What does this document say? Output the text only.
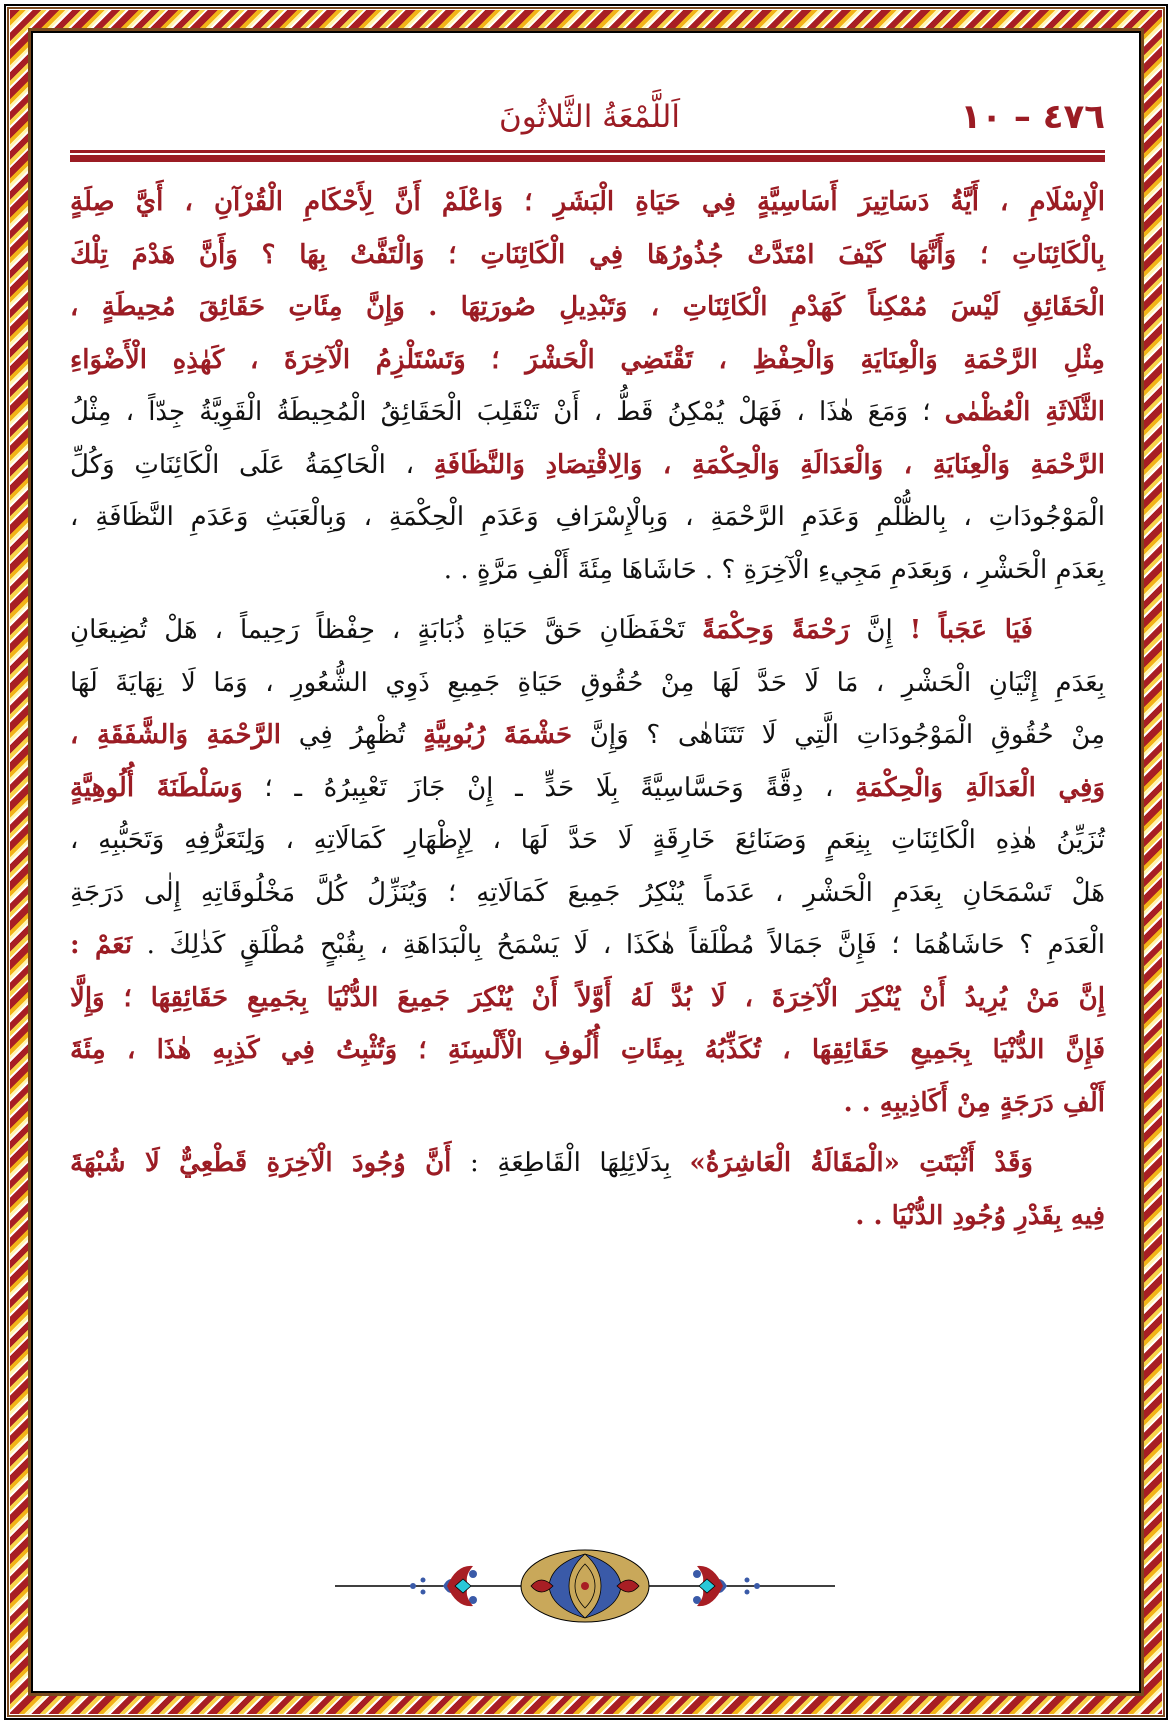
٤٧٦ – ١٠
اَللَّمْعَةُ الثَّلاثُونَ
الْإِسْلَامِ ، أَيَّةُ دَسَاتِيرَ أَسَاسِيَّةٍ فِي حَيَاةِ الْبَشَرِ ؛ وَاعْلَمْ أَنَّ لِأَحْكَامِ الْقُرْآنِ ، أَيَّ صِلَةٍ
بِالْكَائِنَاتِ ؛ وَأَنَّهَا كَيْفَ امْتَدَّتْ جُذُورُهَا فِي الْكَائِنَاتِ ؛ وَالْتَفَّتْ بِهَا ؟ وَأَنَّ هَدْمَ تِلْكَ
الْحَقَائِقِ لَيْسَ مُمْكِناً كَهَدْمِ الْكَائِنَاتِ ، وَتَبْدِيلِ صُورَتِهَا . وَإِنَّ مِئَاتِ حَقَائِقَ مُحِيطَةٍ ،
مِثْلِ الرَّحْمَةِ وَالْعِنَايَةِ وَالْحِفْظِ ، تَقْتَضِي الْحَشْرَ ؛ وَتَسْتَلْزِمُ الْآخِرَةَ ، كَهٰذِهِ الْأَضْوَاءِ
الثَّلَاثَةِ الْعُظْمٰى ؛ وَمَعَ هٰذَا ، فَهَلْ يُمْكِنُ قَطُّ ، أَنْ تَنْقَلِبَ الْحَقَائِقُ الْمُحِيطَةُ الْقَوِيَّةُ جِدّاً ، مِثْلُ
الرَّحْمَةِ وَالْعِنَايَةِ ، وَالْعَدَالَةِ وَالْحِكْمَةِ ، وَالِاقْتِصَادِ وَالنَّظَافَةِ ، الْحَاكِمَةُ عَلَى الْكَائِنَاتِ وَكُلِّ
الْمَوْجُودَاتِ ، بِالظُّلْمِ وَعَدَمِ الرَّحْمَةِ ، وَبِالْإِسْرَافِ وَعَدَمِ الْحِكْمَةِ ، وَبِالْعَبَثِ وَعَدَمِ النَّظَافَةِ ،
بِعَدَمِ الْحَشْرِ ، وَبِعَدَمِ مَجِيءِ الْآخِرَةِ ؟ . حَاشَاهَا مِئَةَ أَلْفِ مَرَّةٍ . .
فَيَا عَجَباً ! إِنَّ رَحْمَةً وَحِكْمَةً تَحْفَظَانِ حَقَّ حَيَاةِ ذُبَابَةٍ ، حِفْظاً رَحِيماً ، هَلْ تُضِيعَانِ
بِعَدَمِ إِتْيَانِ الْحَشْرِ ، مَا لَا حَدَّ لَهَا مِنْ حُقُوقِ حَيَاةِ جَمِيعِ ذَوِي الشُّعُورِ ، وَمَا لَا نِهَايَةَ لَهَا
مِنْ حُقُوقِ الْمَوْجُودَاتِ الَّتِي لَا تَتَنَاهٰى ؟ وَإِنَّ حَشْمَةَ رُبُوبِيَّةٍ تُظْهِرُ فِي الرَّحْمَةِ وَالشَّفَقَةِ ،
وَفِي الْعَدَالَةِ وَالْحِكْمَةِ ، دِقَّةً وَحَسَّاسِيَّةً بِلَا حَدٍّ ـ إِنْ جَازَ تَعْبِيرُهُ ـ ؛ وَسَلْطَنَةَ أُلُوهِيَّةٍ
تُزَيِّنُ هٰذِهِ الْكَائِنَاتِ بِنِعَمٍ وَصَنَائِعَ خَارِقَةٍ لَا حَدَّ لَهَا ، لِإِظْهَارِ كَمَالَاتِهِ ، وَلِتَعَرُّفِهِ وَتَحَبُّبِهِ ،
هَلْ تَسْمَحَانِ بِعَدَمِ الْحَشْرِ ، عَدَماً يُنْكِرُ جَمِيعَ كَمَالَاتِهِ ؛ وَيُنَزِّلُ كُلَّ مَخْلُوقَاتِهِ إِلٰى دَرَجَةِ
الْعَدَمِ ؟ حَاشَاهُمَا ؛ فَإِنَّ جَمَالاً مُطْلَقاً هٰكَذَا ، لَا يَسْمَحُ بِالْبَدَاهَةِ ، بِقُبْحٍ مُطْلَقٍ كَذٰلِكَ . نَعَمْ :
إِنَّ مَنْ يُرِيدُ أَنْ يُنْكِرَ الْآخِرَةَ ، لَا بُدَّ لَهُ أَوَّلاً أَنْ يُنْكِرَ جَمِيعَ الدُّنْيَا بِجَمِيعِ حَقَائِقِهَا ؛ وَإِلَّا
فَإِنَّ الدُّنْيَا بِجَمِيعِ حَقَائِقِهَا ، تُكَذِّبُهُ بِمِئَاتِ أُلُوفِ الْأَلْسِنَةِ ؛ وَتُثْبِتُ فِي كَذِبِهِ هٰذَا ، مِئَةَ
أَلْفِ دَرَجَةٍ مِنْ أَكَاذِيبِهِ . .
وَقَدْ أَثْبَتَتِ «الْمَقَالَةُ الْعَاشِرَةُ» بِدَلَائِلِهَا الْقَاطِعَةِ : أَنَّ وُجُودَ الْآخِرَةِ قَطْعِيٌّ لَا شُبْهَةَ
فِيهِ بِقَدْرِ وُجُودِ الدُّنْيَا . .
